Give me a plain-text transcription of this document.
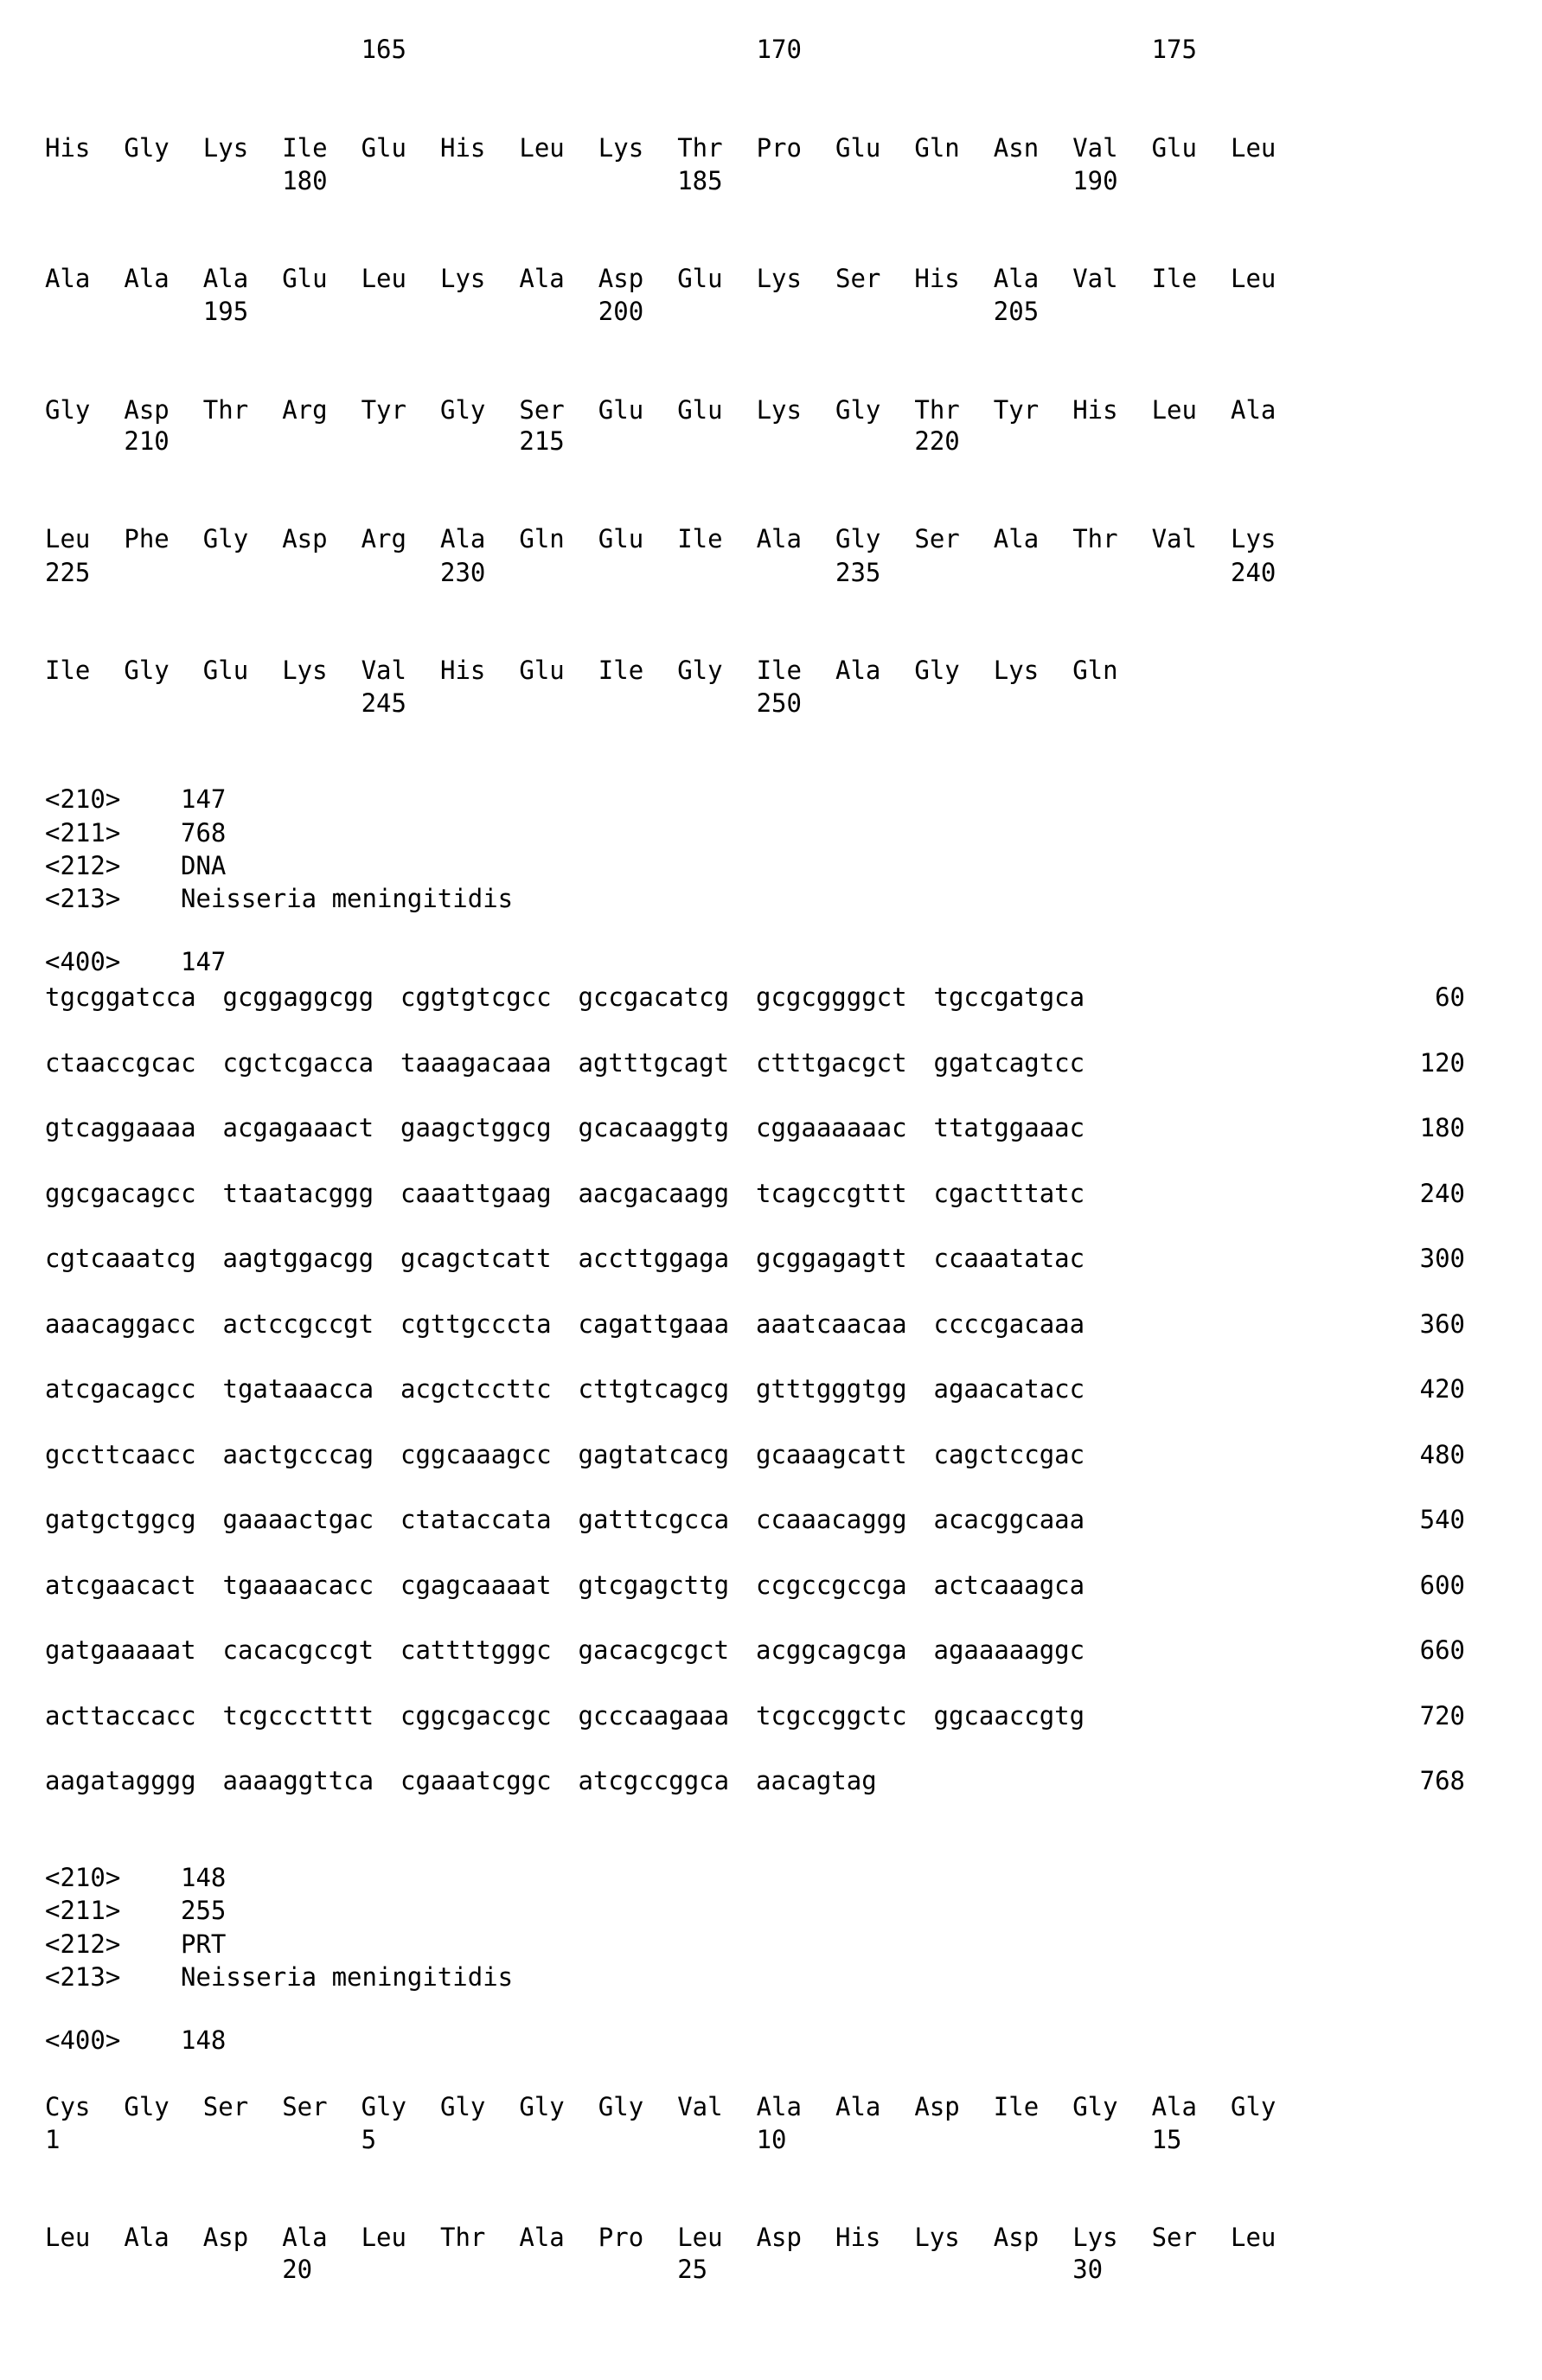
165	170	175
His Gly Lys Ile Glu His Leu Lys Thr Pro Glu Gln Asn Val Glu Leu
180	185	190
Ala Ala Ala Glu Leu Lys Ala Asp Glu Lys Ser His Ala Val Ile Leu
195	200	205
Gly Asp Thr Arg Tyr Gly Ser Glu Glu Lys Gly Thr Tyr His Leu Ala
210	215	220
Leu Phe Gly Asp Arg Ala Gln Glu Ile Ala Gly Ser Ala Thr Val Lys
225	230	235	240
Ile Gly Glu Lys Val His Glu Ile Gly Ile Ala Gly Lys Gln
245	250
<210> 147
<211> 768
<212> DNA
<213> Neisseria meningitidis
<400> 147
tgcggatcca gcggaggcgg cggtgtcgcc gccgacatcg gcgcggggct tgccgatgca	60
ctaaccgcac cgctcgacca taaagacaaa agtttgcagt ctttgacgct ggatcagtcc	120
gtcaggaaaa acgagaaact gaagctggcg gcacaaggtg cggaaaaaac ttatggaaac	180
ggcgacagcc ttaatacggg caaattgaag aacgacaagg tcagccgttt cgactttatc	240
cgtcaaatcg aagtggacgg gcagctcatt accttggaga gcggagagtt ccaaatatac	300
aaacaggacc actccgccgt cgttgcccta cagattgaaa aaatcaacaa ccccgacaaa	360
atcgacagcc tgataaacca acgctccttc cttgtcagcg gtttgggtgg agaacatacc	420
gccttcaacc aactgcccag cggcaaagcc gagtatcacg gcaaagcatt cagctccgac	480
gatgctggcg gaaaactgac ctataccata gatttcgcca ccaaacaggg acacggcaaa	540
atcgaacact tgaaaacacc cgagcaaaat gtcgagcttg ccgccgccga actcaaagca	600
gatgaaaaat cacacgccgt cattttgggc gacacgcgct acggcagcga agaaaaaggc	660
acttaccacc tcgccctttt cggcgaccgc gcccaagaaa tcgccggctc ggcaaccgtg	720
aagatagggg aaaaggttca cgaaatcggc atcgccggca aacagtag	768
<210> 148
<211> 255
<212> PRT
<213> Neisseria meningitidis
<400> 148
Cys Gly Ser Ser Gly Gly Gly Gly Val Ala Ala Asp Ile Gly Ala Gly
1	5	10	15
Leu Ala Asp Ala Leu Thr Ala Pro Leu Asp His Lys Asp Lys Ser Leu
20	25	30
